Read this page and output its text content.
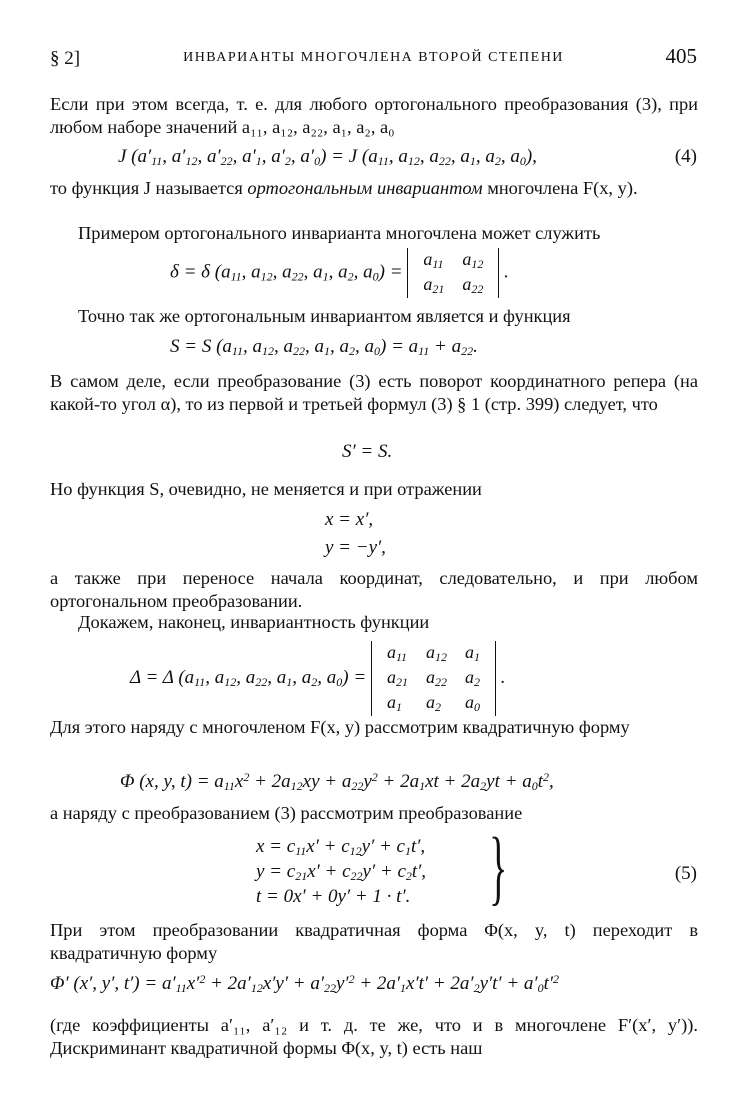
§ 2]	ИНВАРИАНТЫ МНОГОЧЛЕНА ВТОРОЙ СТЕПЕНИ	405
Если при этом всегда, т. е. для любого ортогонального преобразования (3), при любом наборе значений a₁₁, a₁₂, a₂₂, a₁, a₂, a₀
J ($a'_{11}$, $a'_{12}$, $a'_{22}$, $a'_1$, $a'_2$, $a'_0) = J$ ($a_{11}$, $a_{12}$, $a_{22}$, $a_1$, $a_2$, $a_0$),	(4)
то функция J называется ортогональным инвариантом многочлена F(x, y).
Примером ортогонального инварианта многочлена может служить
δ = δ ($a_{11}$, $a_{12}$, $a_{22}$, $a_1$, $a_2$, $a_0$) =
$a_{11}$	$a_{12}$
$a_{21}$	$a_{22}$
.
Точно так же ортогональным инвариантом является и функция
S = S ($a_{11}$, $a_{12}$, $a_{22}$, $a_1$, $a_2$, $a_0) = a_{11} + a_{22}$.
В самом деле, если преобразование (3) есть поворот координатного репера (на какой-то угол α), то из первой и третьей формул (3) § 1 (стр. 399) следует, что
S′ = S.
Но функция S, очевидно, не меняется и при отражении
x = x′,
y = −y′,
а также при переносе начала координат, следовательно, и при любом ортогональном преобразовании.
Докажем, наконец, инвариантность функции
Δ = Δ ($a_{11}$, $a_{12}$, $a_{22}$, $a_1$, $a_2$, $a_0$) =
$a_{11}$	$a_{12}$	$a_1$
$a_{21}$	$a_{22}$	$a_2$
$a_1$	$a_2$	$a_0$
.
Для этого наряду с многочленом F(x, y) рассмотрим квадратичную форму
Φ (x, y, $t) = a_{11}x^2 + 2a_{12}xy + a_{22}y^2 + 2a_1xt + 2a_2yt + a_0t^2$,
а наряду с преобразованием (3) рассмотрим преобразование
$x = c_{11}x' + c_{12}y' + c_1t'$,
$y = c_{21}x' + c_{22}y' + c_2t'$,
t = 0x′ + 0y′ + 1 · t′. }	(5)
При этом преобразовании квадратичная форма Φ(x, y, t) переходит в квадратичную форму
Φ′ (x′, y′, $t') = a'_{11}x'^2 + 2a'_{12}x'y' + a'_{22}y'^2 + 2a'_1x't' + 2a'_2y't' + a'_0t'^2$
(где коэффициенты a′₁₁, a′₁₂ и т. д. те же, что и в многочлене F′(x′, y′)). Дискриминант квадратичной формы Φ(x, y, t) есть наш
